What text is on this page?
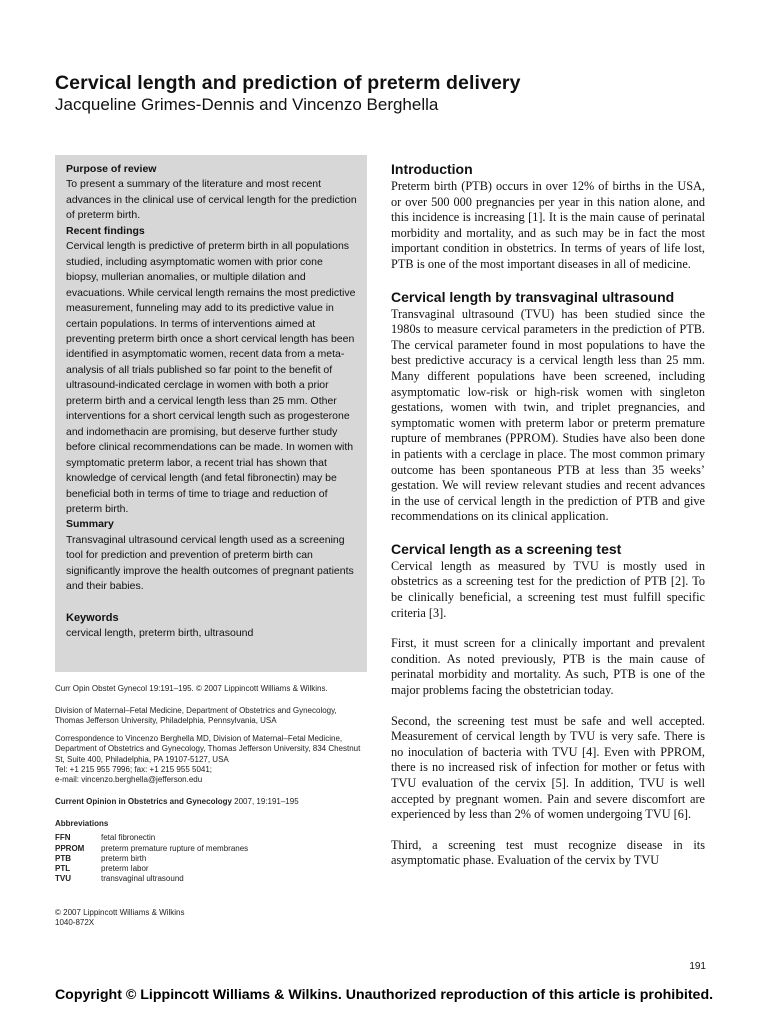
Cervical length and prediction of preterm delivery
Jacqueline Grimes-Dennis and Vincenzo Berghella
Purpose of review
To present a summary of the literature and most recent advances in the clinical use of cervical length for the prediction of preterm birth.
Recent findings
Cervical length is predictive of preterm birth in all populations studied, including asymptomatic women with prior cone biopsy, mullerian anomalies, or multiple dilation and evacuations. While cervical length remains the most predictive measurement, funneling may add to its predictive value in certain populations. In terms of interventions aimed at preventing preterm birth once a short cervical length has been identified in asymptomatic women, recent data from a meta-analysis of all trials published so far point to the benefit of ultrasound-indicated cerclage in women with both a prior preterm birth and a cervical length less than 25 mm. Other interventions for a short cervical length such as progesterone and indomethacin are promising, but deserve further study before clinical recommendations can be made. In women with symptomatic preterm labor, a recent trial has shown that knowledge of cervical length (and fetal fibronectin) may be beneficial both in terms of time to triage and reduction of preterm birth.
Summary
Transvaginal ultrasound cervical length used as a screening tool for prediction and prevention of preterm birth can significantly improve the health outcomes of pregnant patients and their babies.
Keywords
cervical length, preterm birth, ultrasound
Curr Opin Obstet Gynecol 19:191–195. © 2007 Lippincott Williams & Wilkins.
Division of Maternal–Fetal Medicine, Department of Obstetrics and Gynecology, Thomas Jefferson University, Philadelphia, Pennsylvania, USA
Correspondence to Vincenzo Berghella MD, Division of Maternal–Fetal Medicine, Department of Obstetrics and Gynecology, Thomas Jefferson University, 834 Chestnut St, Suite 400, Philadelphia, PA 19107-5127, USA
Tel: +1 215 955 7996; fax: +1 215 955 5041;
e-mail: vincenzo.berghella@jefferson.edu
Current Opinion in Obstetrics and Gynecology 2007, 19:191–195
Abbreviations
FFN	fetal fibronectin
PPROM	preterm premature rupture of membranes
PTB	preterm birth
PTL	preterm labor
TVU	transvaginal ultrasound
© 2007 Lippincott Williams & Wilkins
1040-872X
Introduction

Preterm birth (PTB) occurs in over 12% of births in the USA, or over 500 000 pregnancies per year in this nation alone, and this incidence is increasing [1]. It is the main cause of perinatal morbidity and mortality, and as such may be in fact the most important condition in obstetrics. In terms of years of life lost, PTB is one of the most important diseases in all of medicine.

Cervical length by transvaginal ultrasound

Transvaginal ultrasound (TVU) has been studied since the 1980s to measure cervical parameters in the prediction of PTB. The cervical parameter found in most populations to have the best predictive accuracy is a cervical length less than 25 mm. Many different populations have been screened, including asymptomatic low-risk or high-risk women with singleton gestations, women with twin, and triplet pregnancies, and symptomatic women with preterm labor or preterm premature rupture of membranes (PPROM). Studies have also been done in patients with a cerclage in place. The most common primary outcome has been spontaneous PTB at less than 35 weeks’ gestation. We will review relevant studies and recent advances in the use of cervical length in the prediction of PTB and give recommendations on its clinical application.

Cervical length as a screening test

Cervical length as measured by TVU is mostly used in obstetrics as a screening test for the prediction of PTB [2]. To be clinically beneficial, a screening test must fulfill specific criteria [3].

First, it must screen for a clinically important and prevalent condition. As noted previously, PTB is the main cause of perinatal morbidity and mortality. As such, PTB is one of the major problems facing the obstetrician today.

Second, the screening test must be safe and well accepted. Measurement of cervical length by TVU is very safe. There is no inoculation of bacteria with TVU [4]. Even with PPROM, there is no increased risk of infection for mother or fetus with TVU evaluation of the cervix [5]. In addition, TVU is well accepted by pregnant women. Pain and severe discomfort are experienced by less than 2% of women undergoing TVU [6].

Third, a screening test must recognize disease in its asymptomatic phase. Evaluation of the cervix by TVU

191
Copyright © Lippincott Williams & Wilkins. Unauthorized reproduction of this article is prohibited.
